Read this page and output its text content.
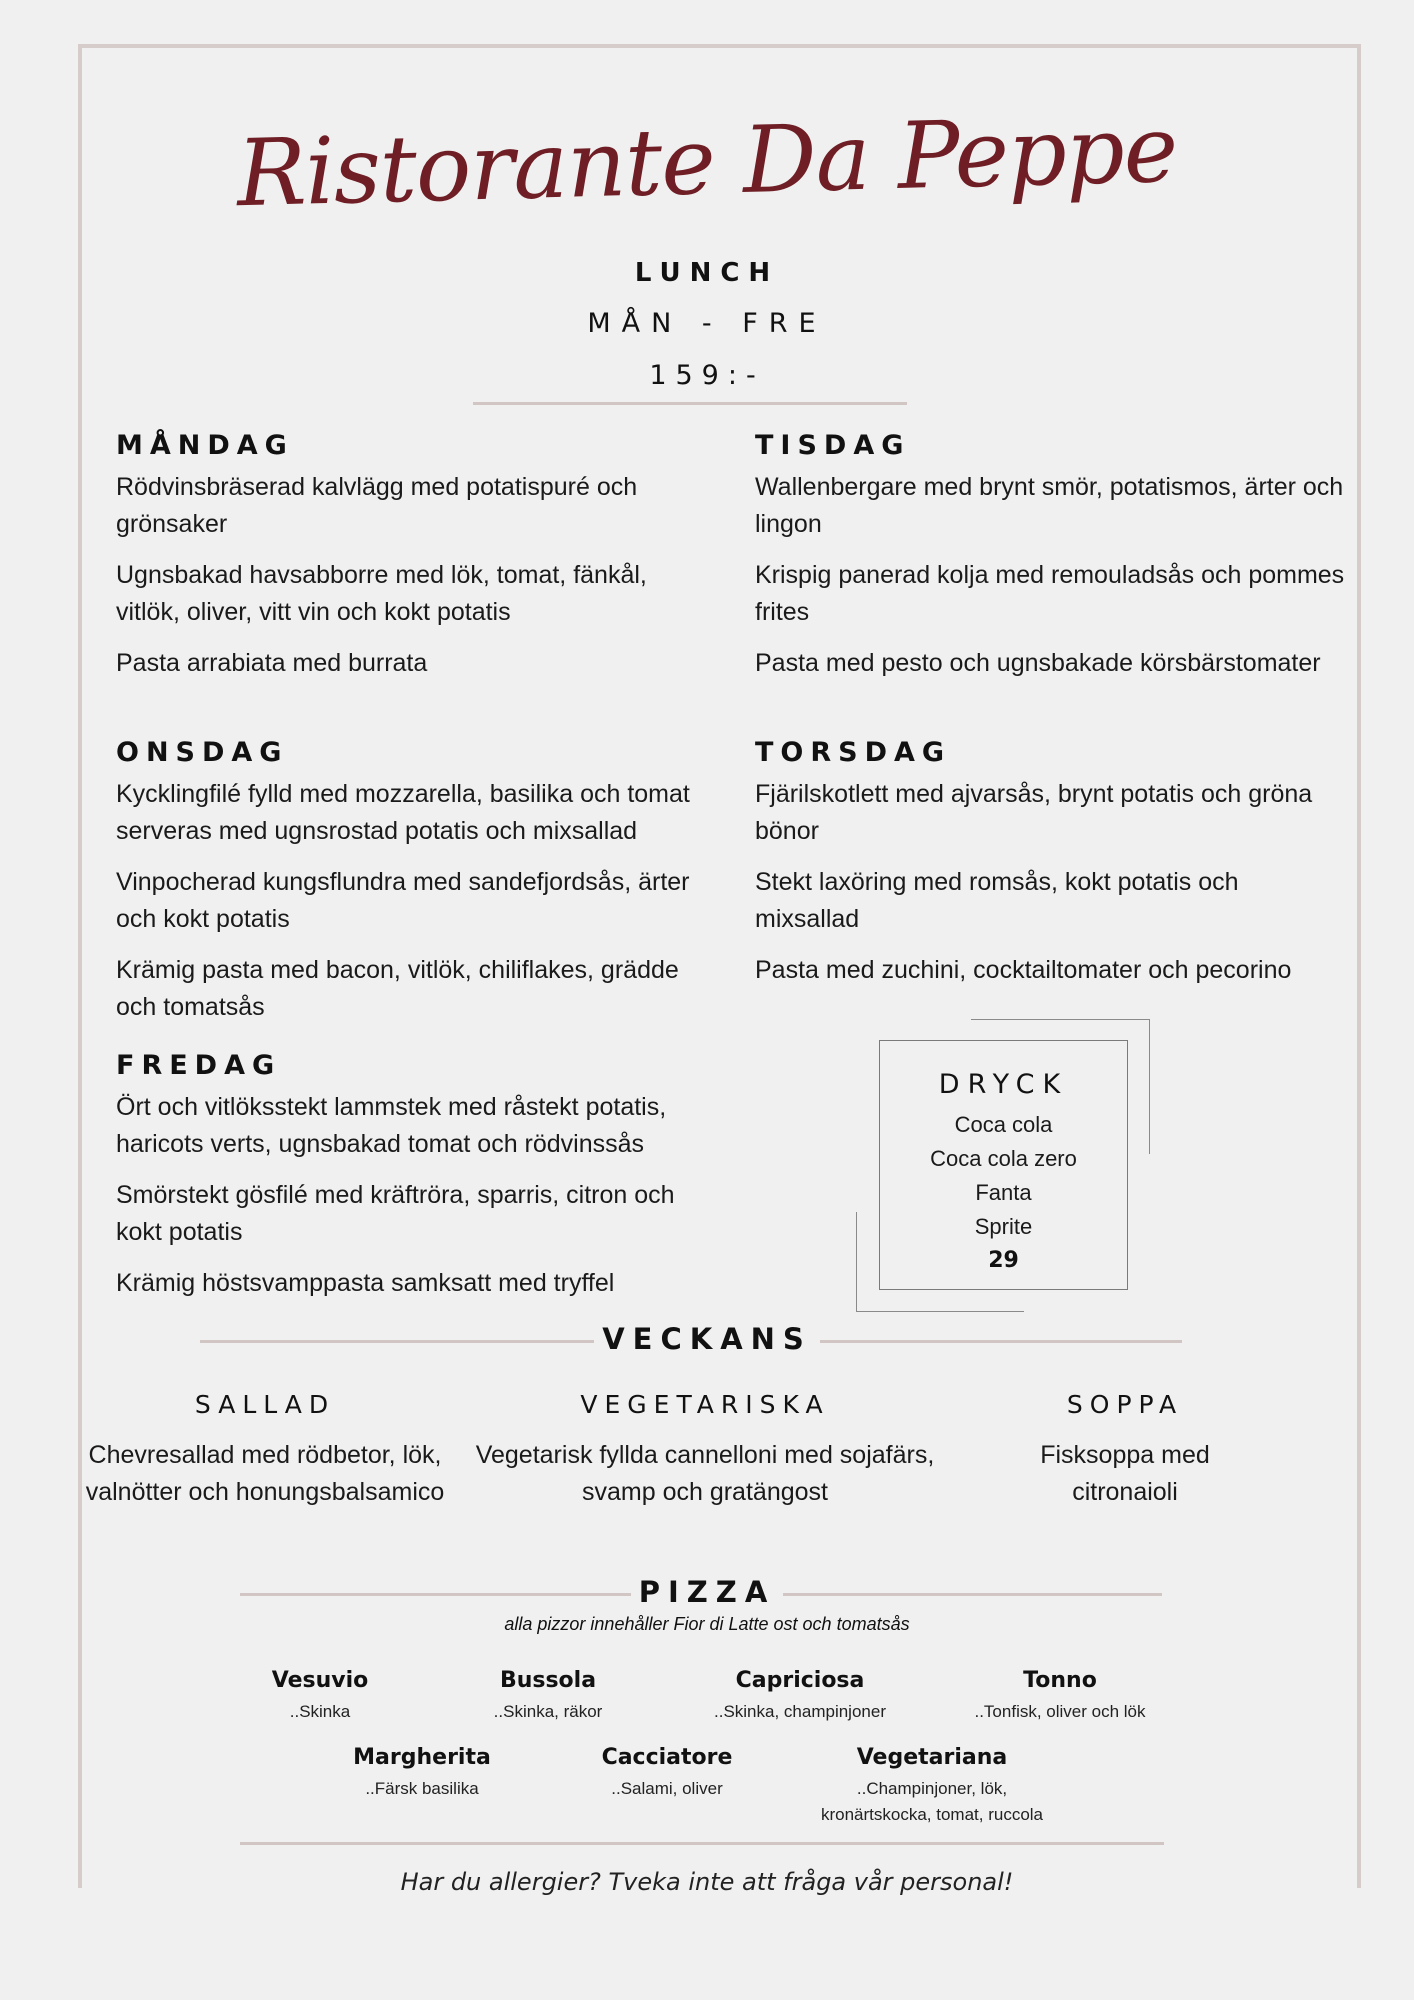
Ristorante Da Peppe
LUNCH
MÅN - FRE
159:-
MÅNDAG

Rödvinsbräserad kalvlägg med potatispuré och grönsaker

Ugnsbakad havsabborre med lök, tomat, fänkål, vitlök, oliver, vitt vin och kokt potatis

Pasta arrabiata med burrata

TISDAG

Wallenbergare med brynt smör, potatismos, ärter och lingon

Krispig panerad kolja med remouladsås och pommes frites

Pasta med pesto och ugnsbakade körsbärstomater

ONSDAG

Kycklingfilé fylld med mozzarella, basilika och tomat serveras med ugnsrostad potatis och mixsallad

Vinpocherad kungsflundra med sandefjordsås, ärter och kokt potatis

Krämig pasta med bacon, vitlök, chiliflakes, grädde och tomatsås

TORSDAG

Fjärilskotlett med ajvarsås, brynt potatis och gröna bönor

Stekt laxöring med romsås, kokt potatis och mixsallad

Pasta med zuchini, cocktailtomater och pecorino

FREDAG

Ört och vitlöksstekt lammstek med råstekt potatis, haricots verts, ugnsbakad tomat och rödvinssås

Smörstekt gösfilé med kräftröra, sparris, citron och kokt potatis

Krämig höstsvamppasta samksatt med tryffel

DRYCK
Coca cola
Coca cola zero
Fanta
Sprite
29
VECKANS
SALLAD

Chevresallad med rödbetor, lök, valnötter och honungsbalsamico

VEGETARISKA

Vegetarisk fyllda cannelloni med sojafärs, svamp och gratängost

SOPPA

Fisksoppa med citronaioli

PIZZA
alla pizzor innehåller Fior di Latte ost och tomatsås
Vesuvio
..Skinka
Bussola
..Skinka, räkor
Capriciosa
..Skinka, champinjoner
Tonno
..Tonfisk, oliver och lök
Margherita
..Färsk basilika
Cacciatore
..Salami, oliver
Vegetariana
..Champinjoner, lök, kronärtskocka, tomat, ruccola
Har du allergier? Tveka inte att fråga vår personal!
